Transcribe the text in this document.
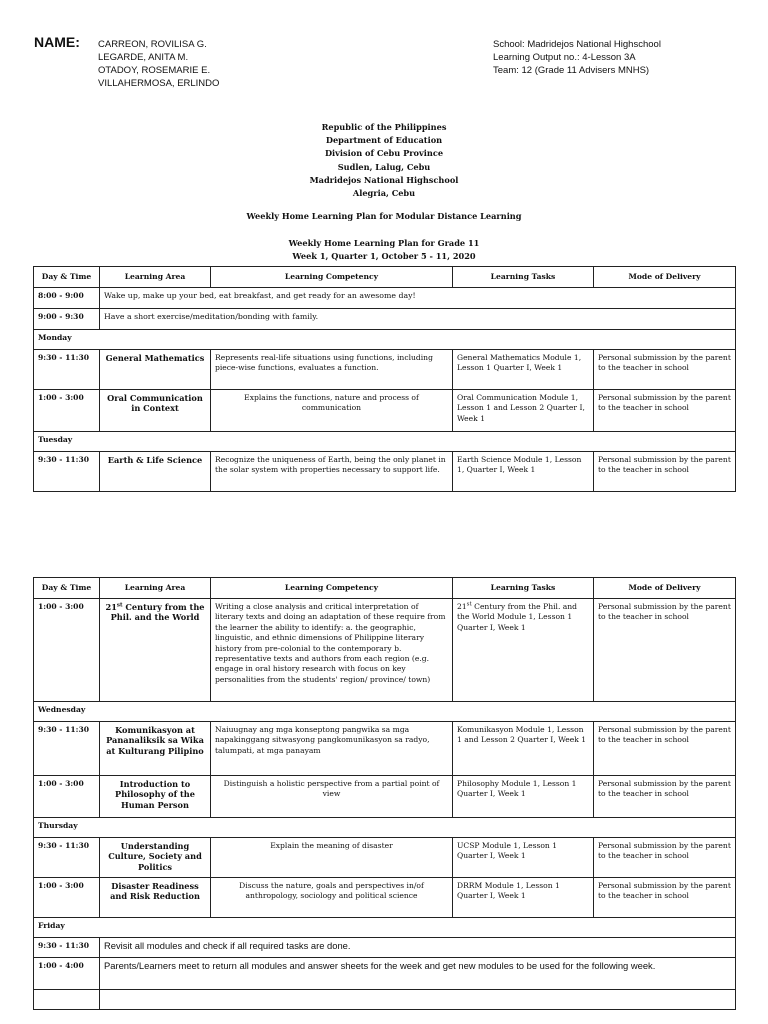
NAME: CARREON, ROVILISA G.
LEGARDE, ANITA M.
OTADOY, ROSEMARIE E.
VILLAHERMOSA, ERLINDO
School: Madridejos National Highschool
Learning Output no.: 4-Lesson 3A
Team: 12 (Grade 11 Advisers MNHS)
Republic of the Philippines
Department of Education
Division of Cebu Province
Sudlen, Lalug, Cebu
Madridejos National Highschool
Alegria, Cebu
Weekly Home Learning Plan for Modular Distance Learning
Weekly Home Learning Plan for Grade 11
Week 1, Quarter 1, October 5 - 11, 2020
Day & Time	Learning Area	Learning Competency	Learning Tasks	Mode of Delivery
8:00 - 9:00	Wake up, make up your bed, eat breakfast, and get ready for an awesome day!			
9:00 - 9:30	Have a short exercise/meditation/bonding with family.			
Monday				
9:30 - 11:30	General Mathematics	Represents real-life situations using functions, including piece-wise functions, evaluates a function.	General Mathematics Module 1, Lesson 1 Quarter I, Week 1	Personal submission by the parent to the teacher in school
1:00 - 3:00	Oral Communication in Context	Explains the functions, nature and process of communication	Oral Communication Module 1, Lesson 1 and Lesson 2 Quarter I, Week 1	Personal submission by the parent to the teacher in school
Tuesday				
9:30 - 11:30	Earth & Life Science	Recognize the uniqueness of Earth, being the only planet in the solar system with properties necessary to support life.	Earth Science Module 1, Lesson 1, Quarter I, Week 1	Personal submission by the parent to the teacher in school
Day & Time	Learning Area	Learning Competency	Learning Tasks	Mode of Delivery
1:00 - 3:00	21st Century from the Phil. and the World	Writing a close analysis and critical interpretation of literary texts and doing an adaptation of these require from the learner the ability to identify: a. the geographic, linguistic, and ethnic dimensions of Philippine literary history from pre-colonial to the contemporary b. representative texts and authors from each region (e.g. engage in oral history research with focus on key personalities from the students' region/ province/ town)	21st Century from the Phil. and the World Module 1, Lesson 1 Quarter I, Week 1	Personal submission by the parent to the teacher in school
Wednesday				
9:30 - 11:30	Komunikasyon at Pananaliksik sa Wika at Kulturang Pilipino	Naiuugnay ang mga konseptong pangwika sa mga napakinggang sitwasyong pangkomunikasyon sa radyo, talumpati, at mga panayam	Komunikasyon Module 1, Lesson 1 and Lesson 2 Quarter I, Week 1	Personal submission by the parent to the teacher in school
1:00 - 3:00	Introduction to Philosophy of the Human Person	Distinguish a holistic perspective from a partial point of view	Philosophy Module 1, Lesson 1 Quarter I, Week 1	Personal submission by the parent to the teacher in school
Thursday				
9:30 - 11:30	Understanding Culture, Society and Politics	Explain the meaning of disaster	UCSP Module 1, Lesson 1 Quarter I, Week 1	Personal submission by the parent to the teacher in school
1:00 - 3:00	Disaster Readiness and Risk Reduction	Discuss the nature, goals and perspectives in/of anthropology, sociology and political science	DRRM Module 1, Lesson 1 Quarter I, Week 1	Personal submission by the parent to the teacher in school
Friday				
9:30 - 11:30	Revisit all modules and check if all required tasks are done.			
1:00 - 4:00	Parents/Learners meet to return all modules and answer sheets for the week and get new modules to be used for the following week.			
